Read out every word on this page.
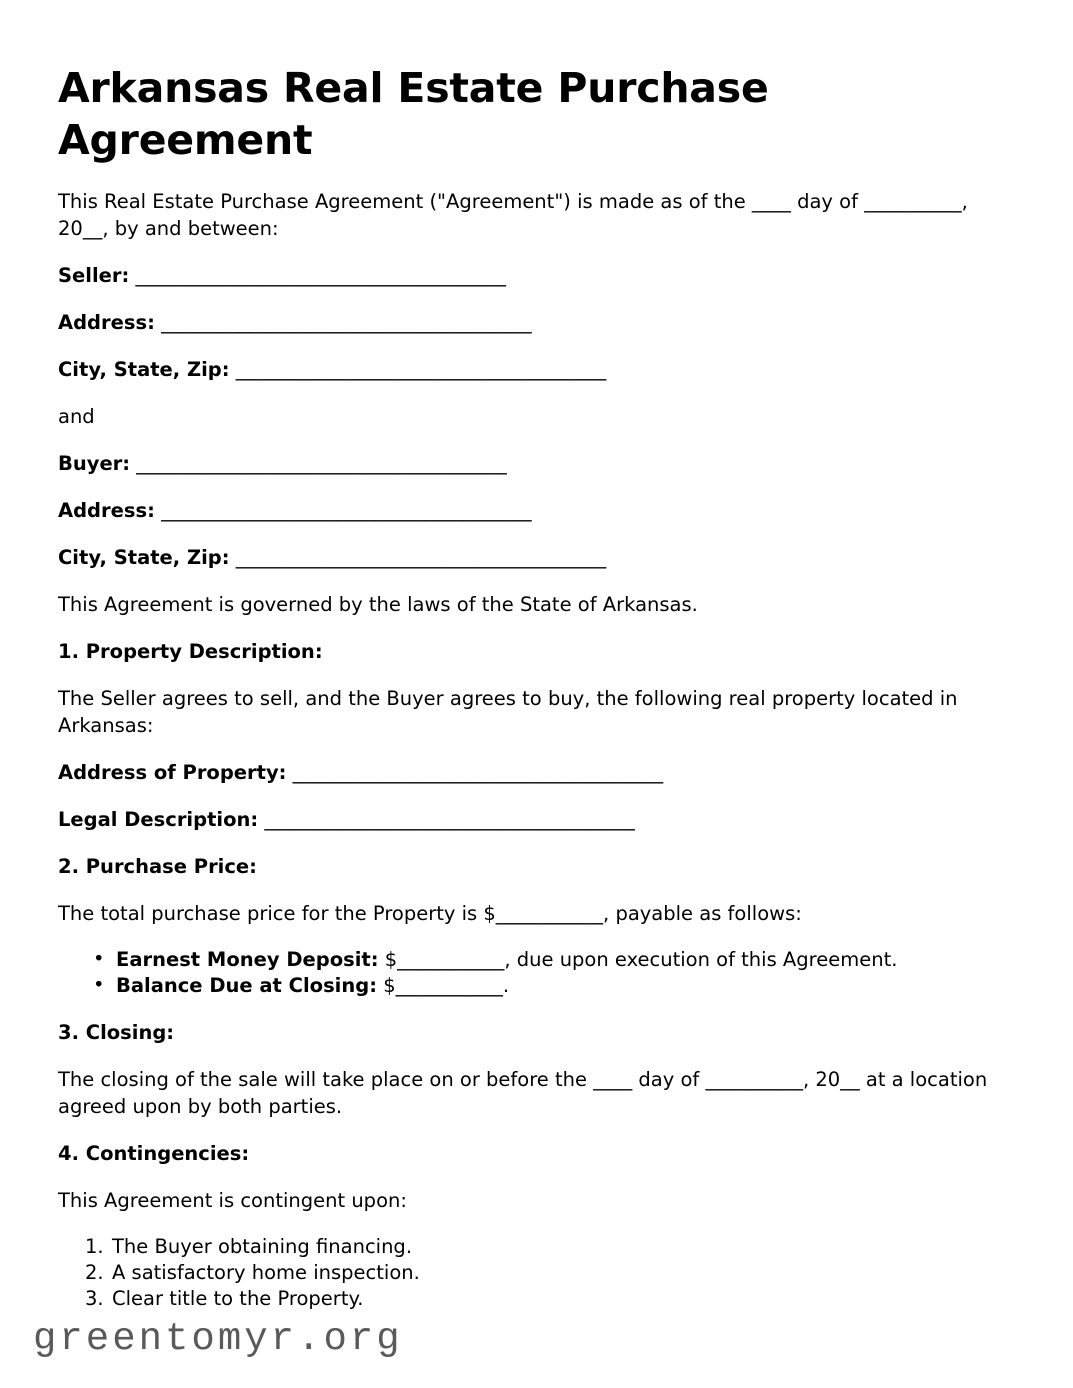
Arkansas Real Estate Purchase Agreement

This Real Estate Purchase Agreement ("Agreement") is made as of the ____ day of __________, 20__, by and between:

Seller: ______________________________________

Address: ______________________________________

City, State, Zip: ______________________________________

and

Buyer: ______________________________________

Address: ______________________________________

City, State, Zip: ______________________________________

This Agreement is governed by the laws of the State of Arkansas.

1. Property Description:

The Seller agrees to sell, and the Buyer agrees to buy, the following real property located in Arkansas:

Address of Property: ______________________________________

Legal Description: ______________________________________

2. Purchase Price:

The total purchase price for the Property is $___________, payable as follows:

• Earnest Money Deposit: $___________, due upon execution of this Agreement.
• Balance Due at Closing: $___________.
3. Closing:

The closing of the sale will take place on or before the ____ day of __________, 20__ at a location agreed upon by both parties.

4. Contingencies:

This Agreement is contingent upon:

The Buyer obtaining financing.
A satisfactory home inspection.
Clear title to the Property.
greentomyr.org
